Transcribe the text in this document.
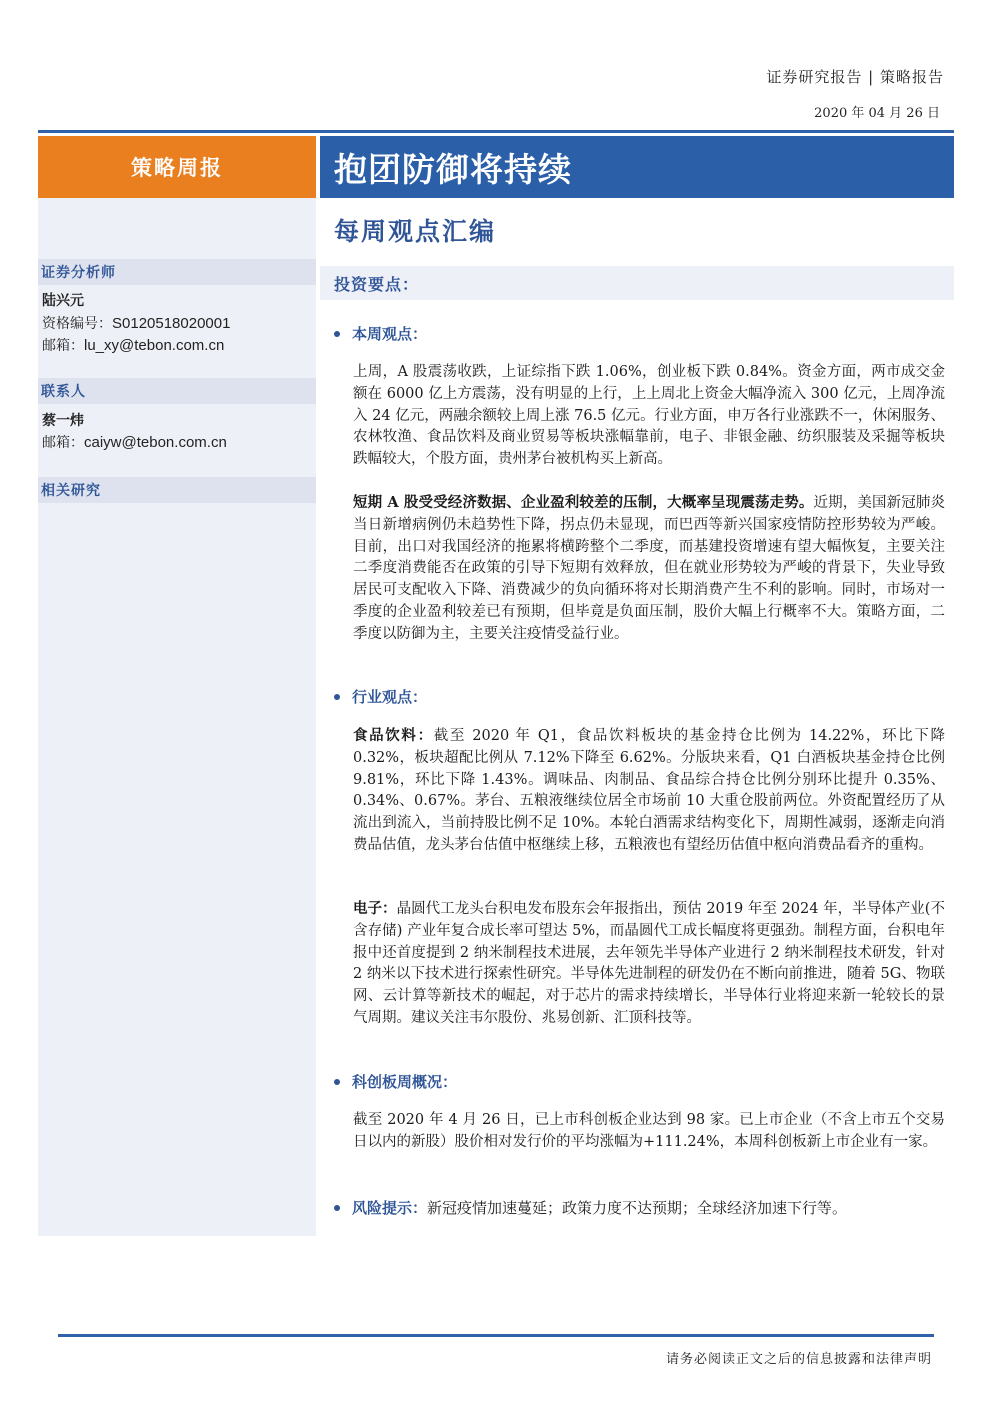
证券研究报告 | 策略报告
2020 年 04 月 26 日
策略周报	抱团防御将持续
证券分析师
陆兴元
资格编号：S0120518020001
邮箱：lu_xy@tebon.com.cn
联系人
蔡一炜
邮箱：caiyw@tebon.com.cn
相关研究
每周观点汇编
投资要点：
本周观点：
上周，A 股震荡收跌，上证综指下跌 1.06%，创业板下跌 0.84%。资金方面，两市成交金额在 6000 亿上方震荡，没有明显的上行，上上周北上资金大幅净流入 300 亿元，上周净流入 24 亿元，两融余额较上周上涨 76.5 亿元。行业方面，申万各行业涨跌不一，休闲服务、农林牧渔、食品饮料及商业贸易等板块涨幅靠前，电子、非银金融、纺织服装及采掘等板块跌幅较大，个股方面，贵州茅台被机构买上新高。
短期 A 股受受经济数据、企业盈利较差的压制，大概率呈现震荡走势。近期，美国新冠肺炎当日新增病例仍未趋势性下降，拐点仍未显现，而巴西等新兴国家疫情防控形势较为严峻。目前，出口对我国经济的拖累将横跨整个二季度，而基建投资增速有望大幅恢复，主要关注二季度消费能否在政策的引导下短期有效释放，但在就业形势较为严峻的背景下，失业导致居民可支配收入下降、消费减少的负向循环将对长期消费产生不利的影响。同时，市场对一季度的企业盈利较差已有预期，但毕竟是负面压制，股价大幅上行概率不大。策略方面，二季度以防御为主，主要关注疫情受益行业。
行业观点：
食品饮料：截至 2020 年 Q1，食品饮料板块的基金持仓比例为 14.22%，环比下降 0.32%，板块超配比例从 7.12%下降至 6.62%。分版块来看，Q1 白酒板块基金持仓比例 9.81%，环比下降 1.43%。调味品、肉制品、食品综合持仓比例分别环比提升 0.35%、0.34%、0.67%。茅台、五粮液继续位居全市场前 10 大重仓股前两位。外资配置经历了从流出到流入，当前持股比例不足 10%。本轮白酒需求结构变化下，周期性减弱，逐渐走向消费品估值，龙头茅台估值中枢继续上移，五粮液也有望经历估值中枢向消费品看齐的重构。
电子：晶圆代工龙头台积电发布股东会年报指出，预估 2019 年至 2024 年，半导体产业(不含存储) 产业年复合成长率可望达 5%，而晶圆代工成长幅度将更强劲。制程方面，台积电年报中还首度提到 2 纳米制程技术进展，去年领先半导体产业进行 2 纳米制程技术研发，针对 2 纳米以下技术进行探索性研究。半导体先进制程的研发仍在不断向前推进，随着 5G、物联网、云计算等新技术的崛起，对于芯片的需求持续增长，半导体行业将迎来新一轮较长的景气周期。建议关注韦尔股份、兆易创新、汇顶科技等。
科创板周概况：
截至 2020 年 4 月 26 日，已上市科创板企业达到 98 家。已上市企业（不含上市五个交易日以内的新股）股价相对发行价的平均涨幅为+111.24%，本周科创板新上市企业有一家。
风险提示： 新冠疫情加速蔓延；政策力度不达预期；全球经济加速下行等。
请务必阅读正文之后的信息披露和法律声明
